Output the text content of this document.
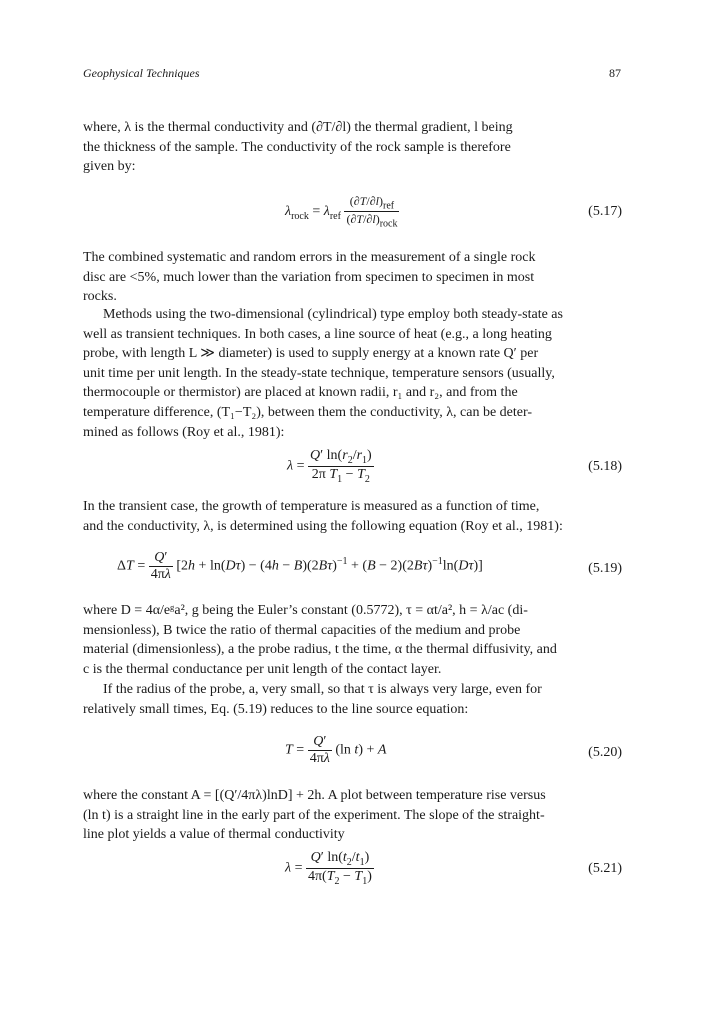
Geophysical Techniques	87
where, λ is the thermal conductivity and (∂T/∂l) the thermal gradient, l being
the thickness of the sample. The conductivity of the rock sample is therefore
given by:
$\lambda_{rock} = \lambda_{ref} \frac{(\partial T/\partial l)_{ref}}{(\partial T/\partial l)_{rock}}$	(5.17)
The combined systematic and random errors in the measurement of a single rock
disc are <5%, much lower than the variation from specimen to specimen in most
rocks.
Methods using the two-dimensional (cylindrical) type employ both steady-state as
well as transient techniques. In both cases, a line source of heat (e.g., a long heating
probe, with length L ≫ diameter) is used to supply energy at a known rate Q′ per
unit time per unit length. In the steady-state technique, temperature sensors (usually,
thermocouple or thermistor) are placed at known radii, r₁ and r₂, and from the
temperature difference, (T₁−T₂), between them the conductivity, λ, can be deter-
mined as follows (Roy et al., 1981):
$\lambda = \frac{Q' \ln(r_2/r_1)}{2\pi T_1 - T_2}$	(5.18)
In the transient case, the growth of temperature is measured as a function of time,
and the conductivity, λ, is determined using the following equation (Roy et al., 1981):
$\Delta T = \frac{Q'}{4\pi\lambda} [2h + \ln(D\tau) - (4h - B)(2B\tau)^{-1} + (B - 2)(2B\tau)^{-1}\ln(D\tau)]$	(5.19)
where D = 4α/eᵍa², g being the Euler’s constant (0.5772), τ = αt/a², h = λ/ac (di-
mensionless), B twice the ratio of thermal capacities of the medium and probe
material (dimensionless), a the probe radius, t the time, α the thermal diffusivity, and
c is the thermal conductance per unit length of the contact layer.
If the radius of the probe, a, very small, so that τ is always very large, even for
relatively small times, Eq. (5.19) reduces to the line source equation:
$T = \frac{Q'}{4\pi\lambda} (\ln$ t) + A	(5.20)
where the constant A = [(Q′/4πλ)lnD] + 2h. A plot between temperature rise versus
(ln t) is a straight line in the early part of the experiment. The slope of the straight-
line plot yields a value of thermal conductivity
$\lambda = \frac{Q' \ln(t_2/t_1)}{4\pi(T_2 - T_1)}$	(5.21)
